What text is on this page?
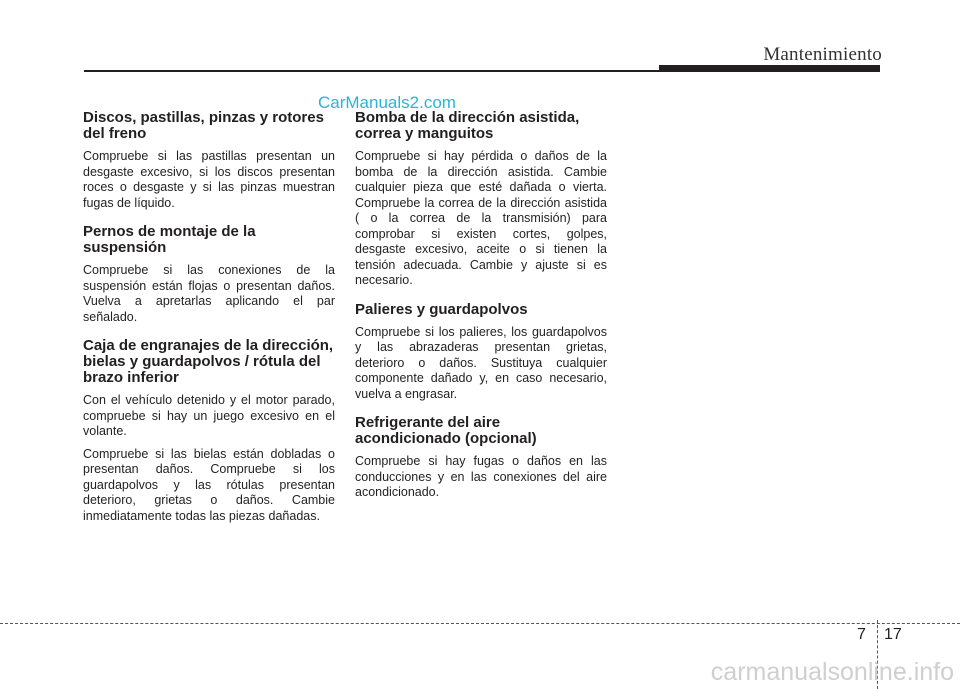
Mantenimiento
CarManuals2.com
Discos, pastillas, pinzas y rotores del freno

Compruebe si las pastillas presentan un desgaste excesivo, si los discos presentan roces o desgaste y si las pinzas muestran fugas de líquido.

Pernos de montaje de la suspensión

Compruebe si las conexiones de la suspensión están flojas o presentan daños. Vuelva a apretarlas aplicando el par señalado.

Caja de engranajes de la dirección, bielas y guardapolvos / rótula del brazo inferior

Con el vehículo detenido y el motor parado, compruebe si hay un juego excesivo en el volante.

Compruebe si las bielas están dobladas o presentan daños. Compruebe si los guardapolvos y las rótulas presentan deterioro, grietas o daños. Cambie inmediatamente todas las piezas dañadas.

Bomba de la dirección asistida, correa y manguitos

Compruebe si hay pérdida o daños de la bomba de la dirección asistida. Cambie cualquier pieza que esté dañada o vierta. Compruebe la correa de la dirección asistida ( o la correa de la transmisión) para comprobar si existen cortes, golpes, desgaste excesivo, aceite o si tienen la tensión adecuada. Cambie y ajuste si es necesario.

Palieres y guardapolvos

Compruebe si los palieres, los guardapolvos y las abrazaderas presentan grietas, deterioro o daños. Sustituya cualquier componente dañado y, en caso necesario, vuelva a engrasar.

Refrigerante del aire acondicionado (opcional)

Compruebe si hay fugas o daños en las conducciones y en las conexiones del aire acondicionado.

7 17
carmanualsonline.info
